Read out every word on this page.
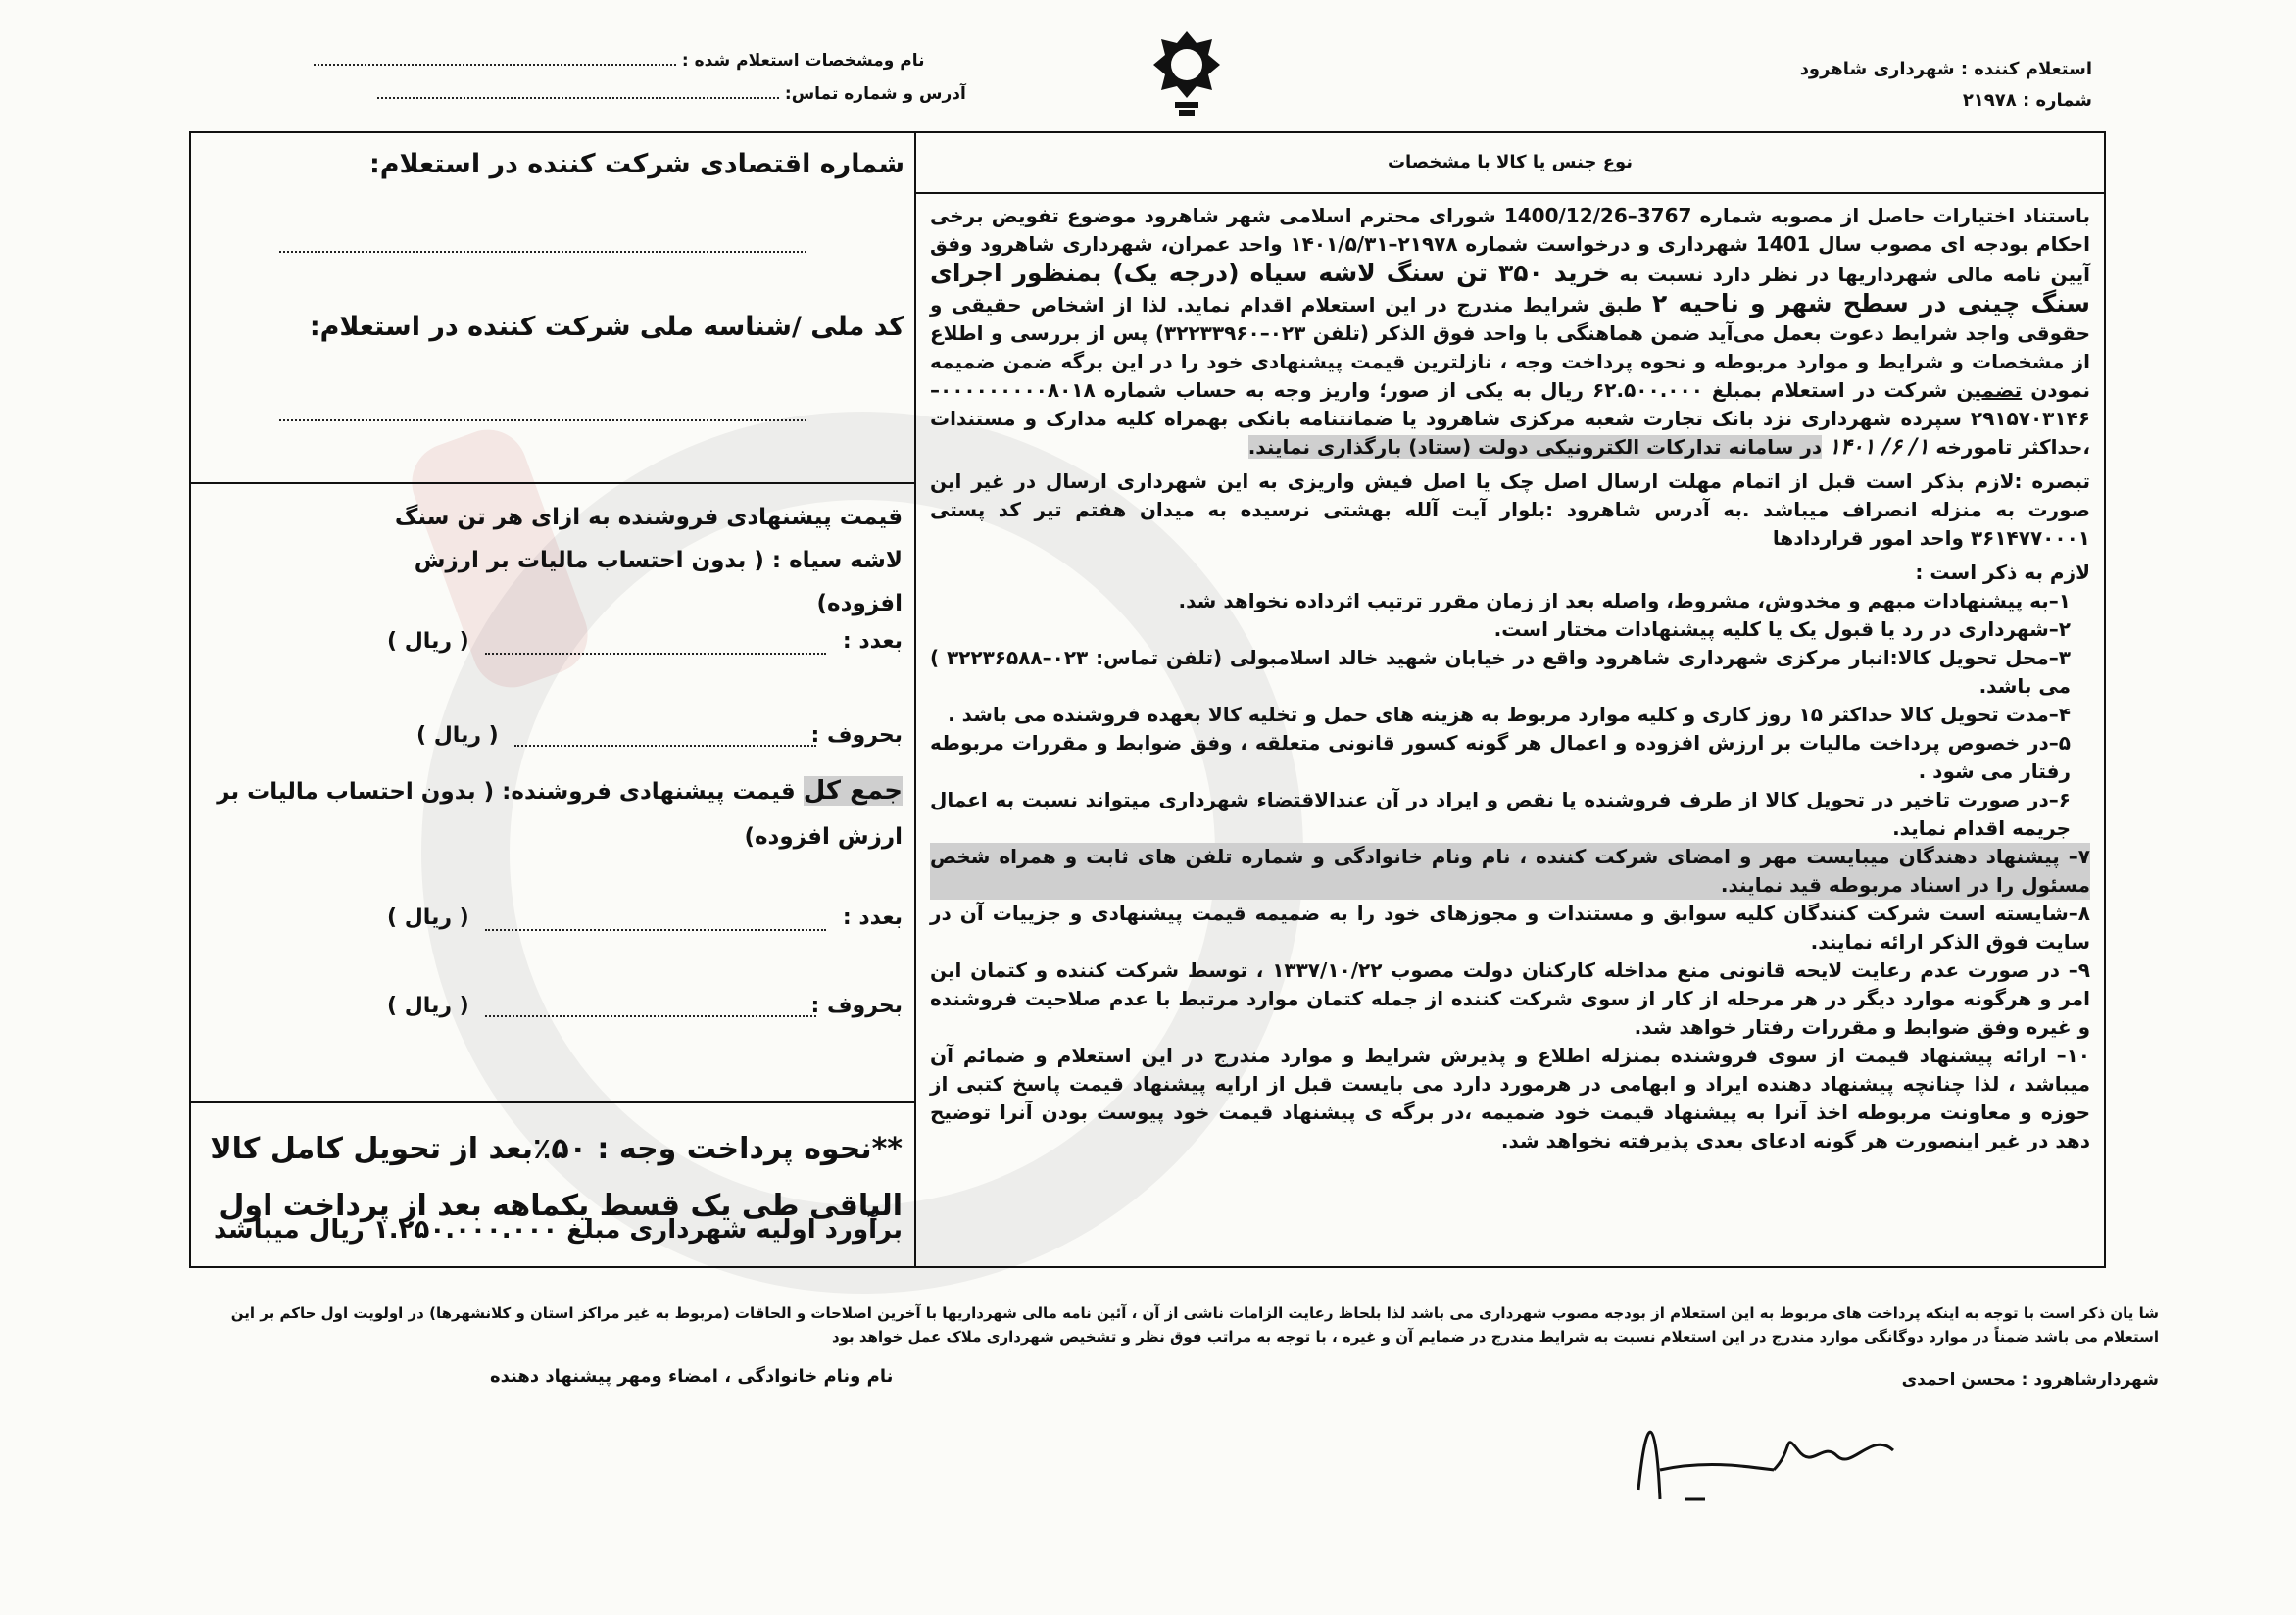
استعلام کننده : شهرداری شاهرود
شماره : ۲۱۹۷۸
نام ومشخصات استعلام شده :
آدرس و شماره تماس:
نوع جنس یا کالا با مشخصات
باستناد اختیارات حاصل از مصوبه شماره 3767–1400/12/26 شورای محترم اسلامی شهر شاهرود موضوع تفویض برخی احکام بودجه ای مصوب سال 1401 شهرداری و درخواست شماره ۲۱۹۷۸–۱۴۰۱/۵/۳۱ واحد عمران، شهرداری شاهرود وفق آیین نامه مالی شهرداریها در نظر دارد نسبت به خرید ۳۵۰ تن سنگ لاشه سیاه (درجه یک) بمنظور اجرای سنگ چینی در سطح شهر و ناحیه ۲ طبق شرایط مندرج در این استعلام اقدام نماید. لذا از اشخاص حقیقی و حقوقی واجد شرایط دعوت بعمل می‌آید ضمن هماهنگی با واحد فوق الذکر (تلفن ۰۲۳–۳۲۲۳۳۹۶۰) پس از بررسی و اطلاع از مشخصات و شرایط و موارد مربوطه و نحوه پرداخت وجه ، نازلترین قیمت پیشنهادی خود را در این برگه ضمن ضمیمه نمودن تضمین شرکت در استعلام بمبلغ ۶۲.۵۰۰.۰۰۰ ریال به یکی از صور؛ واریز وجه به حساب شماره ۰۰۰۰۰۰۰۰۰۸۰۱۸–۲۹۱۵۷۰۳۱۴۶ سپرده شهرداری نزد بانک تجارت شعبه مرکزی شاهرود یا ضمانتنامه بانکی بهمراه کلیه مدارک و مستندات ،حداکثر تامورخه ۱/ ۶/ ۱۴۰۱ در سامانه تدارکات الکترونیکی دولت (ستاد) بارگذاری نمایند.
تبصره :لازم بذکر است قبل از اتمام مهلت ارسال اصل چک یا اصل فیش واریزی به این شهرداری ارسال در غیر این صورت به منزله انصراف میباشد .به آدرس شاهرود :بلوار آیت آلله بهشتی نرسیده به میدان هفتم تیر کد پستی ۳۶۱۴۷۷۰۰۰۱ واحد امور قراردادها
لازم به ذکر است :
۱–به پیشنهادات مبهم و مخدوش، مشروط، واصله بعد از زمان مقرر ترتیب اثرداده نخواهد شد.
۲–شهرداری در رد یا قبول یک یا کلیه پیشنهادات مختار است.
۳–محل تحویل کالا:انبار مرکزی شهرداری شاهرود واقع در خیابان شهید خالد اسلامبولی (تلفن تماس: ۰۲۳–۳۲۲۳۶۵۸۸ ) می باشد.
۴–مدت تحویل کالا حداکثر ۱۵ روز کاری و کلیه موارد مربوط به هزینه های حمل و تخلیه کالا بعهده فروشنده می باشد .
۵–در خصوص پرداخت مالیات بر ارزش افزوده و اعمال هر گونه کسور قانونی متعلقه ، وفق ضوابط و مقررات مربوطه رفتار می شود .
۶–در صورت تاخیر در تحویل کالا از طرف فروشنده یا نقص و ایراد در آن عندالاقتضاء شهرداری میتواند نسبت به اعمال جریمه اقدام نماید.
۷– پیشنهاد دهندگان میبایست مهر و امضای شرکت کننده ، نام ونام خانوادگی و شماره تلفن های ثابت و همراه شخص مسئول را در اسناد مربوطه قید نمایند.
۸–شایسته است شرکت کنندگان کلیه سوابق و مستندات و مجوزهای خود را به ضمیمه قیمت پیشنهادی و جزییات آن در سایت فوق الذکر ارائه نمایند.
۹– در صورت عدم رعایت لایحه قانونی منع مداخله کارکنان دولت مصوب ۱۳۳۷/۱۰/۲۲ ، توسط شرکت کننده و کتمان این امر و هرگونه موارد دیگر در هر مرحله از کار از سوی شرکت کننده از جمله کتمان موارد مرتبط با عدم صلاحیت فروشنده و غیره وفق ضوابط و مقررات رفتار خواهد شد.
۱۰– ارائه پیشنهاد قیمت از سوی فروشنده بمنزله اطلاع و پذیرش شرایط و موارد مندرج در این استعلام و ضمائم آن میباشد ، لذا چنانچه پیشنهاد دهنده ایراد و ابهامی در هرمورد دارد می بایست قبل از ارایه پیشنهاد قیمت پاسخ کتبی از حوزه و معاونت مربوطه اخذ آنرا به پیشنهاد قیمت خود ضمیمه ،در برگه ی پیشنهاد قیمت خود پیوست بودن آنرا توضیح دهد در غیر اینصورت هر گونه ادعای بعدی پذیرفته نخواهد شد.
شماره اقتصادی شرکت کننده در استعلام:
کد ملی /شناسه ملی شرکت کننده در استعلام:
قیمت پیشنهادی فروشنده به ازای هر تن سنگ لاشه سیاه : ( بدون احتساب مالیات بر ارزش افزوده)
بعدد :
( ریال )
بحروف :
( ریال )
جمع کل قیمت پیشنهادی فروشنده: ( بدون احتساب مالیات بر ارزش افزوده)
بعدد :
( ریال )
بحروف :
( ریال )
**نحوه پرداخت وجه : ۵۰٪بعد از تحویل کامل کالا الباقی طی یک قسط یکماهه بعد از پرداخت اول
برآورد اولیه شهرداری مبلغ ۱.۲۵۰.۰۰۰.۰۰۰ ریال میباشد
شا یان ذکر است با توجه به اینکه پرداخت های مربوط به این استعلام از بودجه مصوب شهرداری می باشد لذا بلحاظ رعایت الزامات ناشی از آن ، آئین نامه مالی شهرداریها با آخرین اصلاحات و الحاقات (مربوط به غیر مراکز استان و کلانشهرها) در اولویت اول حاکم بر این استعلام می باشد ضمناً در موارد دوگانگی موارد مندرج در این استعلام نسبت به شرایط مندرج در ضمایم آن و غیره ، با توجه به مراتب فوق نظر و تشخیص شهرداری ملاک عمل خواهد بود
شهردارشاهرود : محسن احمدی
نام ونام خانوادگی ، امضاء ومهر پیشنهاد دهنده
